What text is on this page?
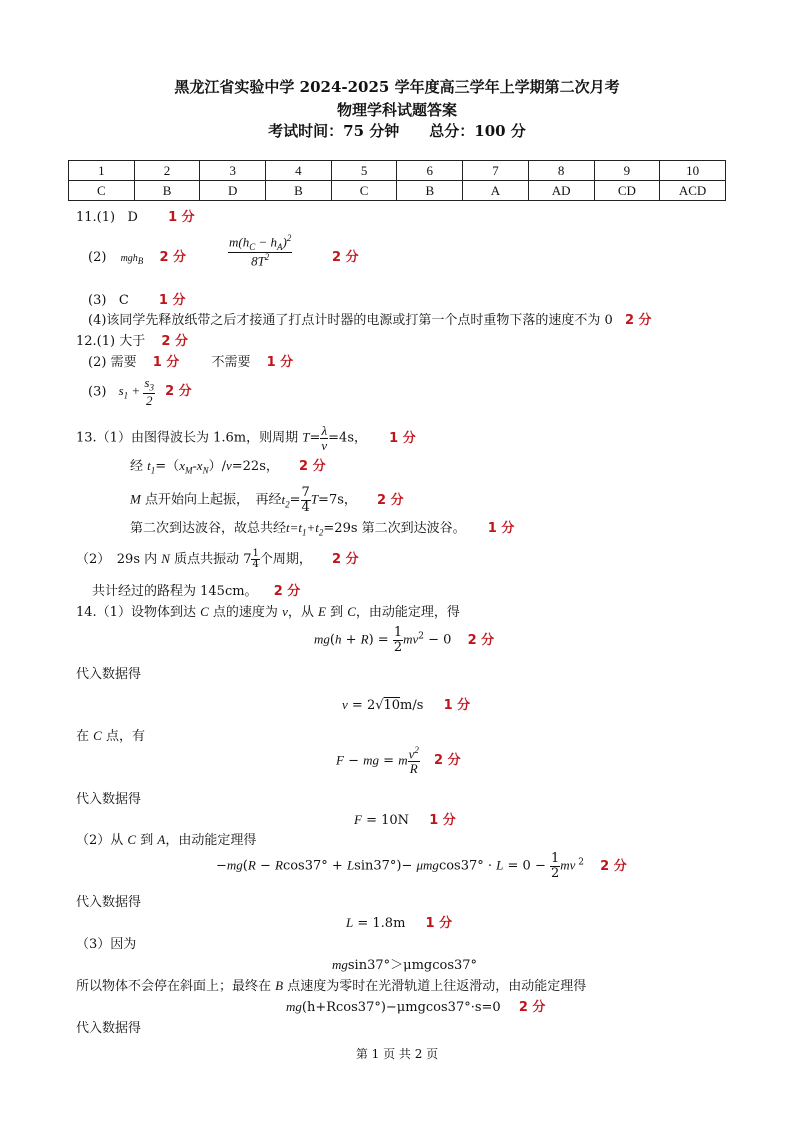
黑龙江省实验中学 2024-2025 学年度高三学年上学期第二次月考
物理学科试题答案
考试时间：75 分钟　　总分：100 分
1	2	3	4	5	6	7	8	9	10
C	B	D	B	C	B	A	AD	CD	ACD
11.(1) D 1 分
(2) mgh$_B$ 2 分	$\frac{m(h_C - h_A)^2}{8T^2}$	2 分
(3) C 1 分
(4)该同学先释放纸带之后才接通了打点计时器的电源或打第一个点时重物下落的速度不为 0 2 分
12.(1) 大于 2 分
(2) 需要 1 分 不需要 1 分
(3) $s_1 + \frac{s_3}{2} 2$ 分
13.（1）由图得波长为 1.6m，则周期 $T= \frac{\lambda}{v} =4s$， 1 分
经 $t_1=(x_M-x_N)/v=22s$， 2 分
M 点开始向上起振，　再经$t_2= \frac{7}{4} T=7s$， 2 分
第二次到达波谷，故总共经$t=t_1+t_2=29s$ 第二次到达波谷。 1 分
（2）　29s 内 N 质点共振动 $7 \frac{1}{4}$ 个周期， 2 分
共计经过的路程为 145cm。 2 分
14.（1）设物体到达 C 点的速度为 v，从 E 到 C，由动能定理，得
$mg(h + R) = \frac{1}{2} mv^2 - 0$ 2 分
代入数据得
v = 2√10m/s 1 分
在 C 点，有
F − mg = m $\frac{v^2}{R} 2$ 分
代入数据得
F = 10N 1 分
（2）从 C 到 A，由动能定理得
$-mg(R - Rcos37^\circ + Lsin37^\circ)- \mu mgcos37^\circ \cdot L = 0 - \frac{1}{2}$ mv $^2$ 2 分
代入数据得
L = 1.8m 1 分
（3）因为
mgsin37°＞μmgcos37°
所以物体不会停在斜面上；最终在 B 点速度为零时在光滑轨道上往返滑动，由动能定理得
mg(h+Rcos37°)−μmgcos37°·s=0 2 分
代入数据得
第 1 页 共 2 页
